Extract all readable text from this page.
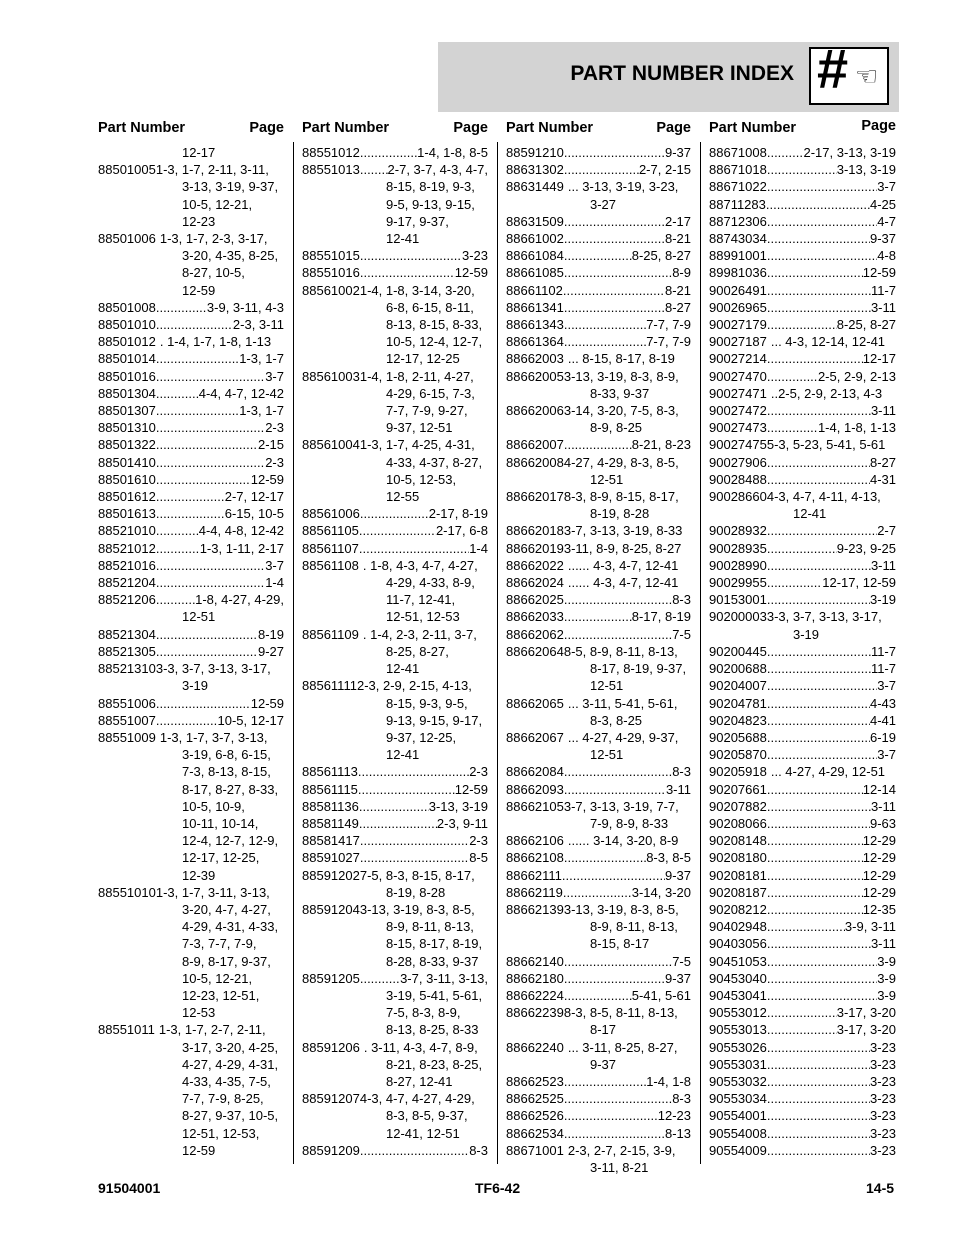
PART NUMBER INDEX # ☜
Part Number	Page
12-17
885010051 -3, 1-7, 2-11, 3-11,
3-13, 3-19, 9-37,
10-5, 12-21,
12-23
88501006 1-3, 1-7, 2-3, 3-17,
3-20, 4-35, 8-25,
8-27, 10-5,
12-59
88501008 .....	3-9, 3-11, 4-3
88501010 .....	2-3, 3-11
88501012 . 1-4, 1-7, 1-8, 1-13
88501014 .....	1-3, 1-7
88501016 .....	3-7
88501304 .....	4-4, 4-7, 12-42
88501307 .....	1-3, 1-7
88501310 .....	2-3
88501322 .....	2-15
88501410 .....	2-3
88501610 .....	12-59
88501612 .....	2-7, 12-17
88501613 .....	6-15, 10-5
88521010 .....	4-4, 4-8, 12-42
88521012 .....	1-3, 1-11, 2-17
88521016 .....	3-7
88521204 .....	1-4
88521206 .....	1-8, 4-27, 4-29,
12-51
88521304 .....	8-19
88521305 .....	9-27
885213103 -3, 3-7, 3-13, 3-17,
3-19
88551006 .....	12-59
88551007 .....	10-5, 12-17
88551009 1-3, 1-7, 3-7, 3-13,
3-19, 6-8, 6-15,
7-3, 8-13, 8-15,
8-17, 8-27, 8-33,
10-5, 10-9,
10-11, 10-14,
12-4, 12-7, 12-9,
12-17, 12-25,
12-39
885510101 -3, 1-7, 3-11, 3-13,
3-20, 4-7, 4-27,
4-29, 4-31, 4-33,
7-3, 7-7, 7-9,
8-9, 8-17, 9-37,
10-5, 12-21,
12-23, 12-51,
12-53
88551011 1-3, 1-7, 2-7, 2-11,
3-17, 3-20, 4-25,
4-27, 4-29, 4-31,
4-33, 4-35, 7-5,
7-7, 7-9, 8-25,
8-27, 9-37, 10-5,
12-51, 12-53,
12-59
Part Number	Page
88551012 .....	1-4, 1-8, 8-5
88551013 ..... 2-7, 3-7, 4-3, 4-7,
8-15, 8-19, 9-3,
9-5, 9-13, 9-15,
9-17, 9-37,
12-41
88551015 .....	3-23
88551016 .....	12-59
885610021 -4, 1-8, 3-14, 3-20,
6-8, 6-15, 8-11,
8-13, 8-15, 8-33,
10-5, 12-4, 12-7,
12-17, 12-25
885610031 -4, 1-8, 2-11, 4-27,
4-29, 6-15, 7-3,
7-7, 7-9, 9-27,
9-37, 12-51
885610041 -3, 1-7, 4-25, 4-31,
4-33, 4-37, 8-27,
10-5, 12-53,
12-55
88561006 .....	2-17, 8-19
88561105 .....	2-17, 6-8
88561107 .....	1-4
88561108 . 1-8, 4-3, 4-7, 4-27,
4-29, 4-33, 8-9,
11-7, 12-41,
12-51, 12-53
88561109 . 1-4, 2-3, 2-11, 3-7,
8-25, 8-27,
12-41
885611112 -3, 2-9, 2-15, 4-13,
8-15, 9-3, 9-5,
9-13, 9-15, 9-17,
9-37, 12-25,
12-41
88561113 .....	2-3
88561115 .....	12-59
88581136 .....	3-13, 3-19
88581149 .....	2-3, 9-11
88581417 .....	2-3
88591027 .....	8-5
885912027 -5, 8-3, 8-15, 8-17,
8-19, 8-28
885912043 -13, 3-19, 8-3, 8-5,
8-9, 8-11, 8-13,
8-15, 8-17, 8-19,
8-28, 8-33, 9-37
88591205 .....	3-7, 3-11, 3-13,
3-19, 5-41, 5-61,
7-5, 8-3, 8-9,
8-13, 8-25, 8-33
88591206 . 3-11, 4-3, 4-7, 8-9,
8-21, 8-23, 8-25,
8-27, 12-41
885912074 -3, 4-7, 4-27, 4-29,
8-3, 8-5, 9-37,
12-41, 12-51
88591209 .....	8-3
Part Number	Page
88591210 .....	9-37
88631302 .....	2-7, 2-15
88631449 ... 3-13, 3-19, 3-23,
3-27
88631509 .....	2-17
88661002 .....	8-21
88661084 .....	8-25, 8-27
88661085 .....	8-9
88661102 .....	8-21
88661341 .....	8-27
88661343 .....	7-7, 7-9
88661364 .....	7-7, 7-9
88662003 ... 8-15, 8-17, 8-19
886620053 -13, 3-19, 8-3, 8-9,
8-33, 9-37
886620063 -14, 3-20, 7-5, 8-3,
8-9, 8-25
88662007 .....	8-21, 8-23
886620084 -27, 4-29, 8-3, 8-5,
12-51
886620178 -3, 8-9, 8-15, 8-17,
8-19, 8-28
886620183 -7, 3-13, 3-19, 8-33
886620193 -11, 8-9, 8-25, 8-27
88662022 ...... 4-3, 4-7, 12-41
88662024 ...... 4-3, 4-7, 12-41
88662025 .....	8-3
88662033 .....	8-17, 8-19
88662062 .....	7-5
886620648 -5, 8-9, 8-11, 8-13,
8-17, 8-19, 9-37,
12-51
88662065 ... 3-11, 5-41, 5-61,
8-3, 8-25
88662067 ... 4-27, 4-29, 9-37,
12-51
88662084 .....	8-3
88662093 .....	3-11
886621053 -7, 3-13, 3-19, 7-7,
7-9, 8-9, 8-33
88662106 ...... 3-14, 3-20, 8-9
88662108 .....	8-3, 8-5
88662111 .....	9-37
88662119 .....	3-14, 3-20
886621393 -13, 3-19, 8-3, 8-5,
8-9, 8-11, 8-13,
8-15, 8-17
88662140 .....	7-5
88662180 .....	9-37
88662224 .....	5-41, 5-61
886622398 -3, 8-5, 8-11, 8-13,
8-17
88662240 ... 3-11, 8-25, 8-27,
9-37
88662523 .....	1-4, 1-8
88662525 .....	8-3
88662526 .....	12-23
88662534 .....	8-13
88671001 2-3, 2-7, 2-15, 3-9,
3-11, 8-21
Part Number	Page
88671008 .....	2-17, 3-13, 3-19
88671018 .....	3-13, 3-19
88671022 .....	3-7
88711283 .....	4-25
88712306 .....	4-7
88743034 .....	9-37
88991001 .....	4-8
89981036 .....	12-59
90026491 .....	11-7
90026965 .....	3-11
90027179 .....	8-25, 8-27
90027187 ... 4-3, 12-14, 12-41
90027214 .....	12-17
90027470 .....	2-5, 2-9, 2-13
90027471 ..2-5, 2-9, 2-13, 4-3
90027472 .....	3-11
90027473 .....	1-4, 1-8, 1-13
900274755 -3, 5-23, 5-41, 5-61
90027906 .....	8-27
90028488 .....	4-31
900286604 -3, 4-7, 4-11, 4-13,
12-41
90028932 .....	2-7
90028935 .....	9-23, 9-25
90028990 .....	3-11
90029955 .....	12-17, 12-59
90153001 .....	3-19
902000033 -3, 3-7, 3-13, 3-17,
3-19
90200445 .....	11-7
90200688 .....	11-7
90204007 .....	3-7
90204781 .....	4-43
90204823 .....	4-41
90205688 .....	6-19
90205870 .....	3-7
90205918 ... 4-27, 4-29, 12-51
90207661 .....	12-14
90207882 .....	3-11
90208066 .....	9-63
90208148 .....	12-29
90208180 .....	12-29
90208181 .....	12-29
90208187 .....	12-29
90208212 .....	12-35
90402948 .....	3-9, 3-11
90403056 .....	3-11
90451053 .....	3-9
90453040 .....	3-9
90453041 .....	3-9
90553012 .....	3-17, 3-20
90553013 .....	3-17, 3-20
90553026 .....	3-23
90553031 .....	3-23
90553032 .....	3-23
90553034 .....	3-23
90554001 .....	3-23
90554008 .....	3-23
90554009 .....	3-23
91504001	TF6-42	14-5
